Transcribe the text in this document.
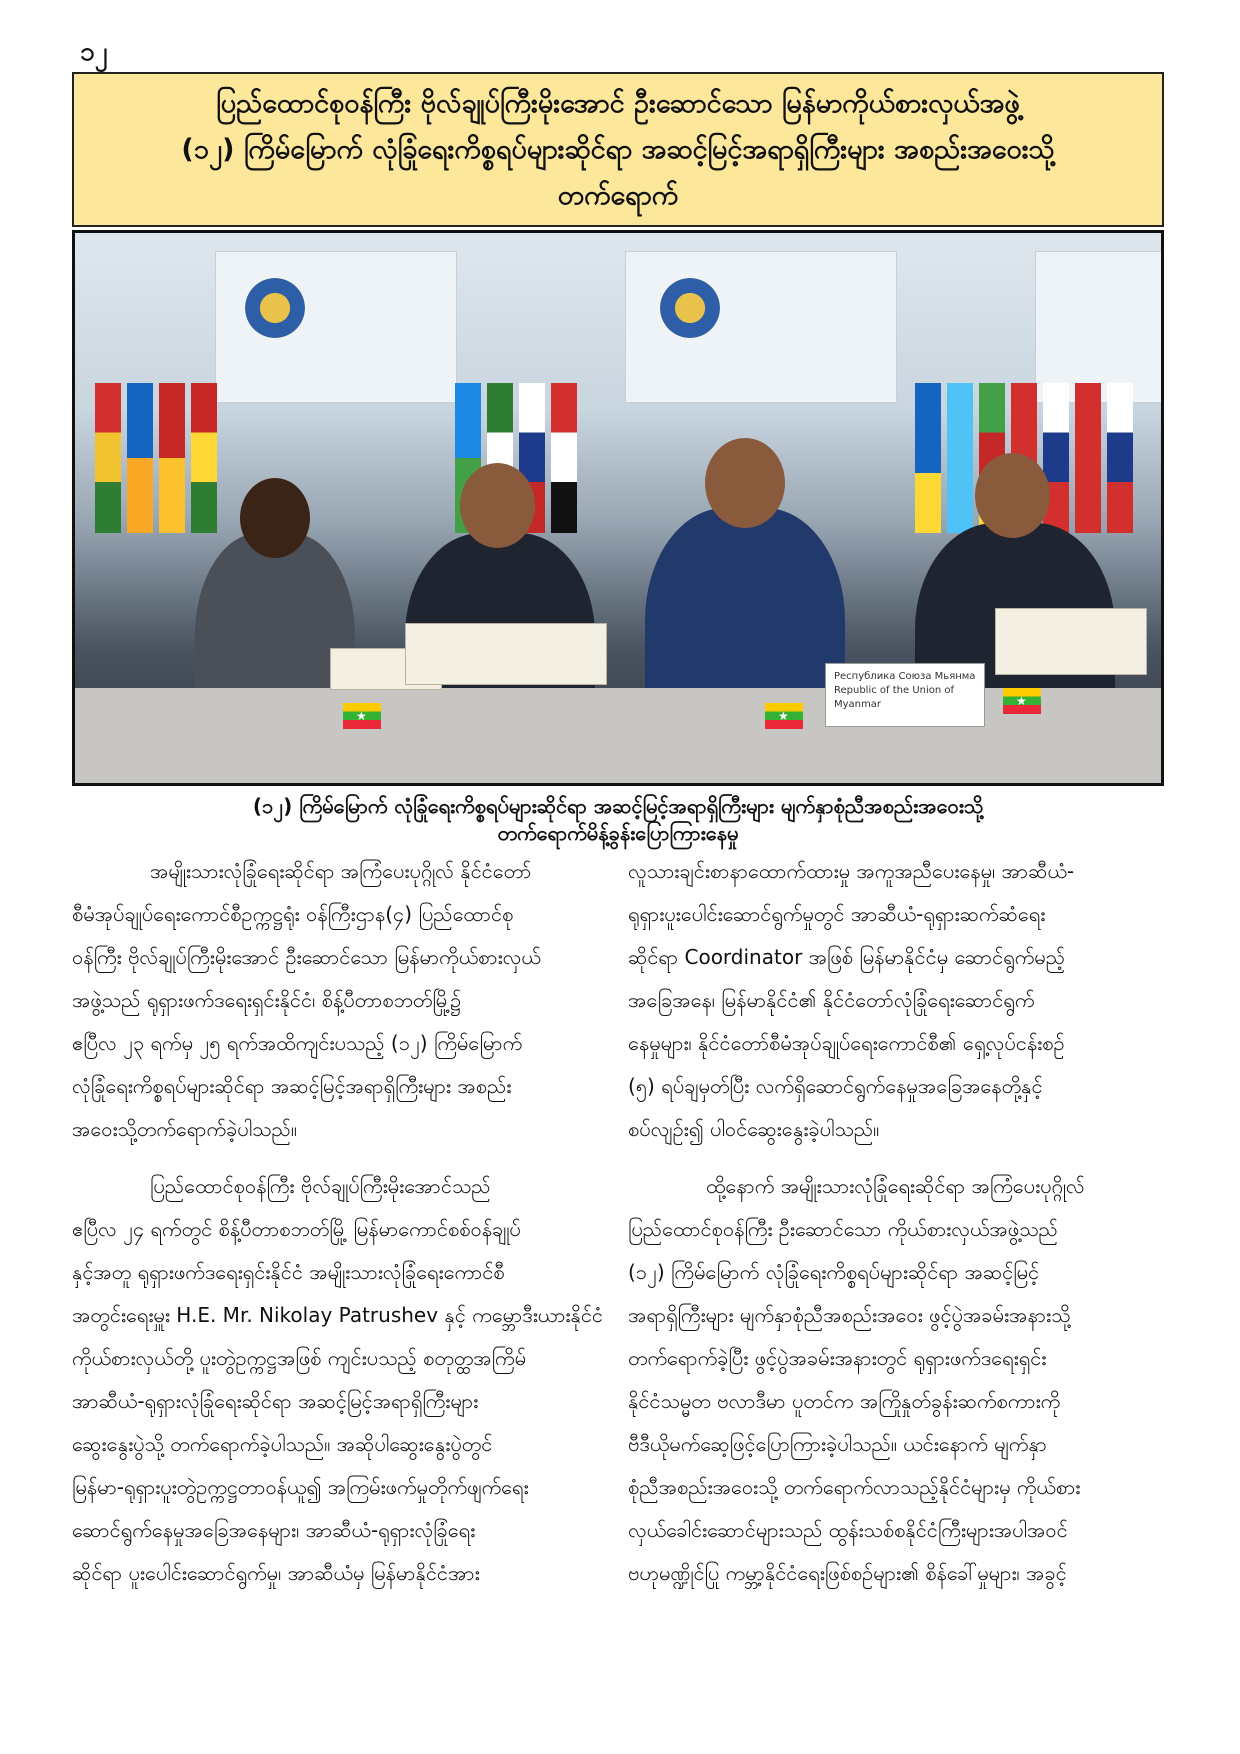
၁၂
ပြည်ထောင်စုဝန်ကြီး ဗိုလ်ချုပ်ကြီးမိုးအောင် ဦးဆောင်သော မြန်မာကိုယ်စားလှယ်အဖွဲ့
(၁၂) ကြိမ်မြောက် လုံခြုံရေးကိစ္စရပ်များဆိုင်ရာ အဆင့်မြင့်အရာရှိကြီးများ အစည်းအဝေးသို့
တက်ရောက်
Республика Союза Мьянма
Republic of the Union of Myanmar
★	★
★
(၁၂) ကြိမ်မြောက် လုံခြုံရေးကိစ္စရပ်များဆိုင်ရာ အဆင့်မြင့်အရာရှိကြီးများ မျက်နှာစုံညီအစည်းအဝေးသို့
တက်ရောက်မိန့်ခွန်းပြောကြားနေမှု
အမျိုးသားလုံခြုံရေးဆိုင်ရာ အကြံပေးပုဂ္ဂိုလ် နိုင်ငံတော်
စီမံအုပ်ချုပ်ရေးကောင်စီဥက္ကဋ္ဌရုံး ဝန်ကြီးဌာန(၄) ပြည်ထောင်စု
ဝန်ကြီး ဗိုလ်ချုပ်ကြီးမိုးအောင် ဦးဆောင်သော မြန်မာကိုယ်စားလှယ်
အဖွဲ့သည် ရုရှားဖက်ဒရေးရှင်းနိုင်ငံ၊ စိန့်ပီတာစဘတ်မြို့၌
ဧပြီလ ၂၃ ရက်မှ ၂၅ ရက်အထိကျင်းပသည့် (၁၂) ကြိမ်မြောက်
လုံခြုံရေးကိစ္စရပ်များဆိုင်ရာ အဆင့်မြင့်အရာရှိကြီးများ အစည်း
အဝေးသို့တက်ရောက်ခဲ့ပါသည်။
ပြည်ထောင်စုဝန်ကြီး ဗိုလ်ချုပ်ကြီးမိုးအောင်သည်
ဧပြီလ ၂၄ ရက်တွင် စိန့်ပီတာစဘတ်မြို့ မြန်မာကောင်စစ်ဝန်ချုပ်
နှင့်အတူ ရုရှားဖက်ဒရေးရှင်းနိုင်ငံ အမျိုးသားလုံခြုံရေးကောင်စီ
အတွင်းရေးမှူး H.E. Mr. Nikolay Patrushev နှင့် ကမ္ဘောဒီးယားနိုင်ငံ
ကိုယ်စားလှယ်တို့ ပူးတွဲဥက္ကဋ္ဌအဖြစ် ကျင်းပသည့် စတုတ္ထအကြိမ်
အာဆီယံ-ရုရှားလုံခြုံရေးဆိုင်ရာ အဆင့်မြင့်အရာရှိကြီးများ
ဆွေးနွေးပွဲသို့ တက်ရောက်ခဲ့ပါသည်။ အဆိုပါဆွေးနွေးပွဲတွင်
မြန်မာ-ရုရှားပူးတွဲဥက္ကဋ္ဌတာဝန်ယူ၍ အကြမ်းဖက်မှုတိုက်ဖျက်ရေး
ဆောင်ရွက်နေမှုအခြေအနေများ၊ အာဆီယံ-ရုရှားလုံခြုံရေး
ဆိုင်ရာ ပူးပေါင်းဆောင်ရွက်မှု၊ အာဆီယံမှ မြန်မာနိုင်ငံအား
လူသားချင်းစာနာထောက်ထားမှု အကူအညီပေးနေမှု၊ အာဆီယံ-
ရုရှားပူးပေါင်းဆောင်ရွက်မှုတွင် အာဆီယံ-ရုရှားဆက်ဆံရေး
ဆိုင်ရာ Coordinator အဖြစ် မြန်မာနိုင်ငံမှ ဆောင်ရွက်မည့်
အခြေအနေ၊ မြန်မာနိုင်ငံ၏ နိုင်ငံတော်လုံခြုံရေးဆောင်ရွက်
နေမှုများ၊ နိုင်ငံတော်စီမံအုပ်ချုပ်ရေးကောင်စီ၏ ရှေ့လုပ်ငန်းစဉ်
(၅) ရပ်ချမှတ်ပြီး လက်ရှိဆောင်ရွက်နေမှုအခြေအနေတို့နှင့်
စပ်လျဉ်း၍ ပါဝင်ဆွေးနွေးခဲ့ပါသည်။
ထို့နောက် အမျိုးသားလုံခြုံရေးဆိုင်ရာ အကြံပေးပုဂ္ဂိုလ်
ပြည်ထောင်စုဝန်ကြီး ဦးဆောင်သော ကိုယ်စားလှယ်အဖွဲ့သည်
(၁၂) ကြိမ်မြောက် လုံခြုံရေးကိစ္စရပ်များဆိုင်ရာ အဆင့်မြင့်
အရာရှိကြီးများ မျက်နှာစုံညီအစည်းအဝေး ဖွင့်ပွဲအခမ်းအနားသို့
တက်ရောက်ခဲ့ပြီး ဖွင့်ပွဲအခမ်းအနားတွင် ရုရှားဖက်ဒရေးရှင်း
နိုင်ငံသမ္မတ ဗလာဒီမာ ပူတင်က အကြိုနှုတ်ခွန်းဆက်စကားကို
ဗီဒီယိုမက်ဆေ့ဖြင့်ပြောကြားခဲ့ပါသည်။ ယင်းနောက် မျက်နှာ
စုံညီအစည်းအဝေးသို့ တက်ရောက်လာသည့်နိုင်ငံများမှ ကိုယ်စား
လှယ်ခေါင်းဆောင်များသည် ထွန်းသစ်စနိုင်ငံကြီးများအပါအဝင်
ဗဟုမဏ္ဍိုင်ပြု ကမ္ဘာ့နိုင်ငံရေးဖြစ်စဉ်များ၏ စိန်ခေါ်မှုများ၊ အခွင့်
